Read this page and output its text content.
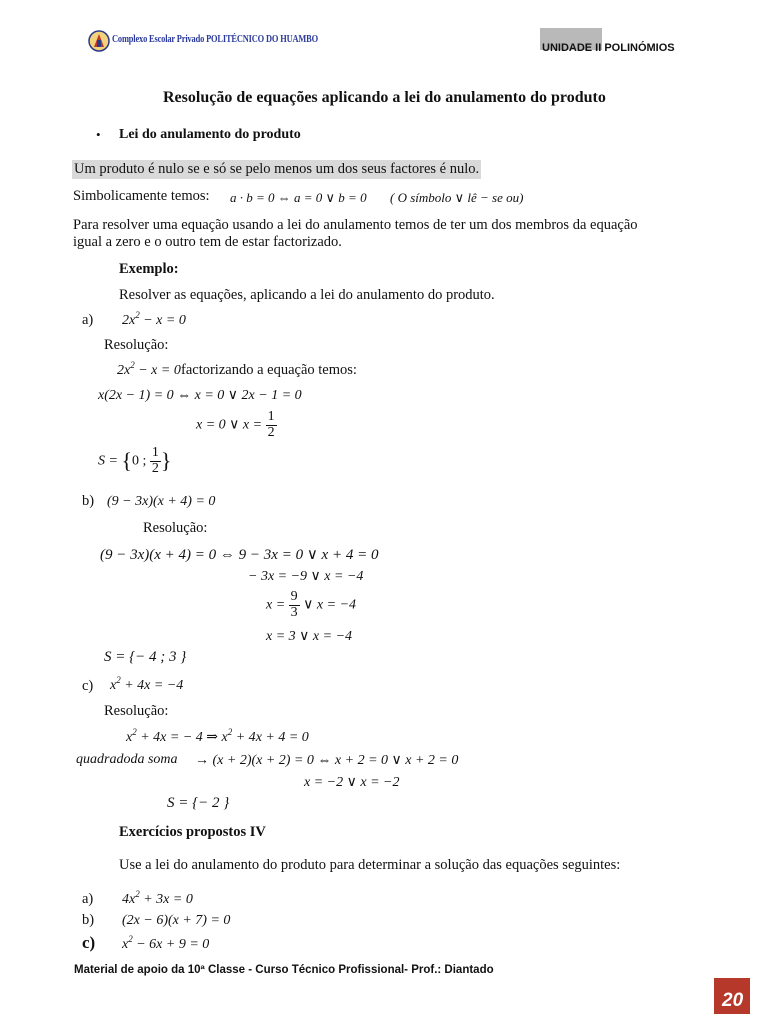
Complexo Escolar Privado POLITÉCNICO DO HUAMBO
UNIDADE II POLINÓMIOS
Resolução de equações aplicando a lei do anulamento do produto
• Lei do anulamento do produto
Um produto é nulo se e só se pelo menos um dos seus factores é nulo.
Simbolicamente temos: a · b = 0 ⇔ a = 0 ∨ b = 0 ( O símbolo ∨ lê − se ou)
Para resolver uma equação usando a lei do anulamento temos de ter um dos membros da equação
igual a zero e o outro tem de estar factorizado.
Exemplo:
Resolver as equações, aplicando a lei do anulamento do produto.
a) $2x^2 - x = 0$
Resolução:
$2x^2 - x = 0$ factorizando a equação temos:
x(2x − 1) = 0 ⇔ x = 0 ∨ 2x − 1 = 0
x = 0 ∨ $x = \frac{1}{2}$
S = {0 ; $\frac{1}{2}$ }
b) (9 − 3x)(x + 4) = 0
Resolução:
(9 − 3x)(x + 4) = 0 ⇔ 9 − 3x = 0 ∨ x + 4 = 0
− 3x = −9 ∨ x = −4
$x = \frac{9}{3}$ ∨ x = −4
x = 3 ∨ x = −4
S = {− 4 ; 3 }
c) $x^2 + 4x = -4$
Resolução:
$x^2 + 4x$ = − 4 ⇒ $x^2 + 4x + 4 = 0$
quadradoda soma → (x + 2)(x + 2) = 0 ⇔ x + 2 = 0 ∨ x + 2 = 0
x = −2 ∨ x = −2
S = {− 2 }
Exercícios propostos IV
Use a lei do anulamento do produto para determinar a solução das equações seguintes:
a) $4x^2 + 3x = 0$
b) (2x − 6)(x + 7) = 0
c) $x^2 - 6x + 9 = 0$
Material de apoio da 10ª Classe - Curso Técnico Profissional- Prof.: Diantado
20
